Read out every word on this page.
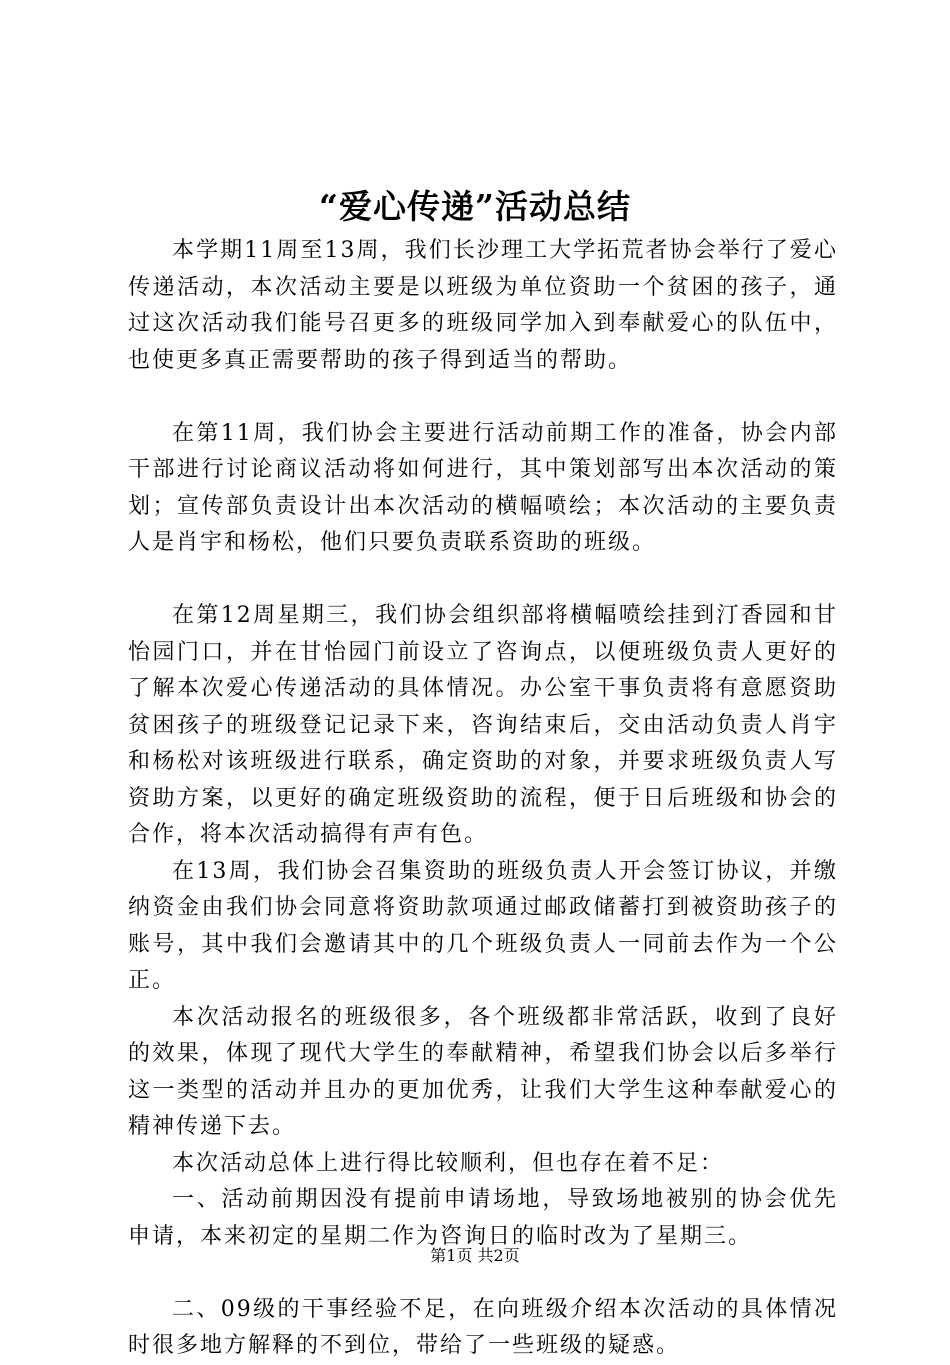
“爱心传递”活动总结

本学期11周至13周，我们长沙理工大学拓荒者协会举行了爱心传递活动，本次活动主要是以班级为单位资助一个贫困的孩子，通过这次活动我们能号召更多的班级同学加入到奉献爱心的队伍中，也使更多真正需要帮助的孩子得到适当的帮助。

在第11周，我们协会主要进行活动前期工作的准备，协会内部干部进行讨论商议活动将如何进行，其中策划部写出本次活动的策划；宣传部负责设计出本次活动的横幅喷绘；本次活动的主要负责人是肖宇和杨松，他们只要负责联系资助的班级。

在第12周星期三，我们协会组织部将横幅喷绘挂到汀香园和甘怡园门口，并在甘怡园门前设立了咨询点，以便班级负责人更好的了解本次爱心传递活动的具体情况。办公室干事负责将有意愿资助贫困孩子的班级登记记录下来，咨询结束后，交由活动负责人肖宇和杨松对该班级进行联系，确定资助的对象，并要求班级负责人写资助方案，以更好的确定班级资助的流程，便于日后班级和协会的合作，将本次活动搞得有声有色。

在13周，我们协会召集资助的班级负责人开会签订协议，并缴纳资金由我们协会同意将资助款项通过邮政储蓄打到被资助孩子的账号，其中我们会邀请其中的几个班级负责人一同前去作为一个公正。

本次活动报名的班级很多，各个班级都非常活跃，收到了良好的效果，体现了现代大学生的奉献精神，希望我们协会以后多举行这一类型的活动并且办的更加优秀，让我们大学生这种奉献爱心的精神传递下去。

本次活动总体上进行得比较顺利，但也存在着不足：

一、活动前期因没有提前申请场地，导致场地被别的协会优先申请，本来初定的星期二作为咨询日的临时改为了星期三。

二、09级的干事经验不足，在向班级介绍本次活动的具体情况时很多地方解释的不到位，带给了一些班级的疑惑。

第1页 共2页
